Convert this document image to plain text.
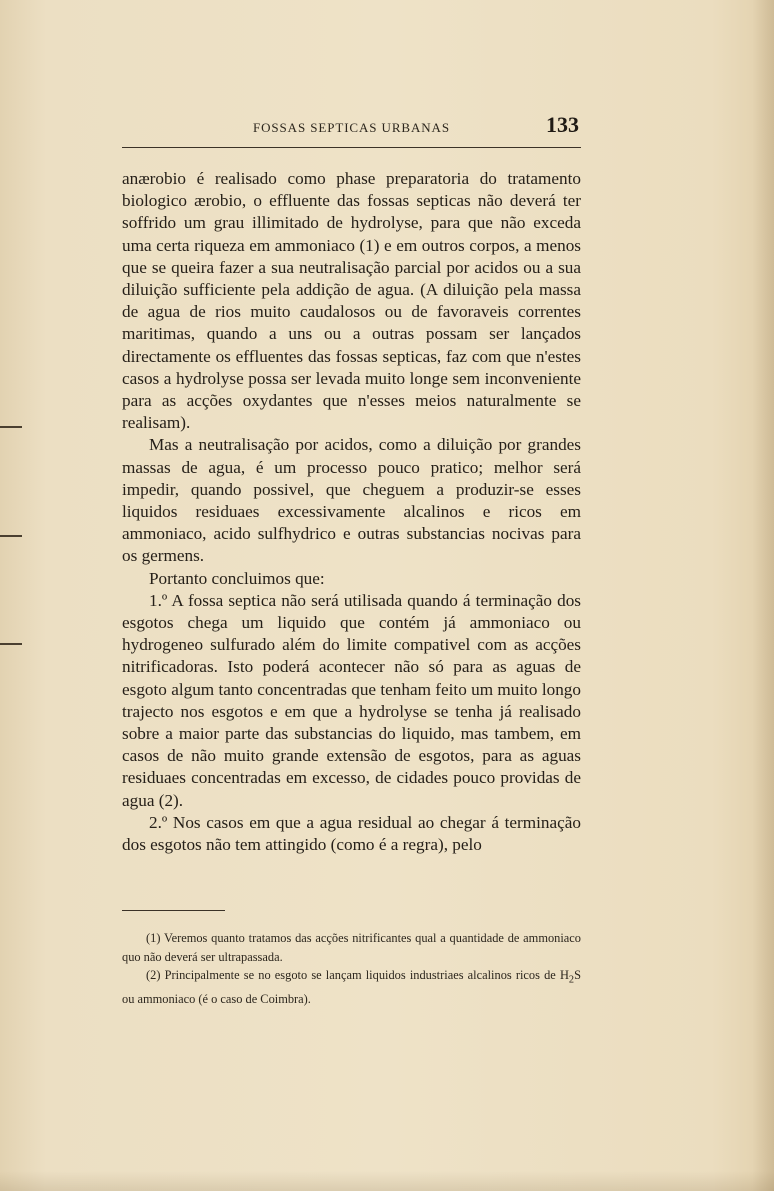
FOSSAS SEPTICAS URBANAS	133

anærobio é realisado como phase preparatoria do tratamento biologico ærobio, o effluente das fossas septicas não deverá ter soffrido um grau illimitado de hydrolyse, para que não exceda uma certa riqueza em ammoniaco (1) e em outros corpos, a menos que se queira fazer a sua neutralisação parcial por acidos ou a sua diluição sufficiente pela addição de agua. (A diluição pela massa de agua de rios muito caudalosos ou de favoraveis correntes maritimas, quando a uns ou a outras possam ser lançados directamente os effluentes das fossas septicas, faz com que n'estes casos a hydrolyse possa ser levada muito longe sem inconveniente para as acções oxydantes que n'esses meios naturalmente se realisam).

Mas a neutralisação por acidos, como a diluição por grandes massas de agua, é um processo pouco pratico; melhor será impedir, quando possivel, que cheguem a produzir-se esses liquidos residuaes excessivamente alcalinos e ricos em ammoniaco, acido sulfhydrico e outras substancias nocivas para os germens.

Portanto concluimos que:

1.º A fossa septica não será utilisada quando á terminação dos esgotos chega um liquido que contém já ammoniaco ou hydrogeneo sulfurado além do limite compativel com as acções nitrificadoras. Isto poderá acontecer não só para as aguas de esgoto algum tanto concentradas que tenham feito um muito longo trajecto nos esgotos e em que a hydrolyse se tenha já realisado sobre a maior parte das substancias do liquido, mas tambem, em casos de não muito grande extensão de esgotos, para as aguas residuaes concentradas em excesso, de cidades pouco providas de agua (2).

2.º Nos casos em que a agua residual ao chegar á terminação dos esgotos não tem attingido (como é a regra), pelo

(1) Veremos quanto tratamos das acções nitrificantes qual a quantidade de ammoniaco quo não deverá ser ultrapassada.

(2) Principalmente se no esgoto se lançam liquidos industriaes alcalinos ricos de $H_2S$ ou ammoniaco (é o caso de Coimbra).
